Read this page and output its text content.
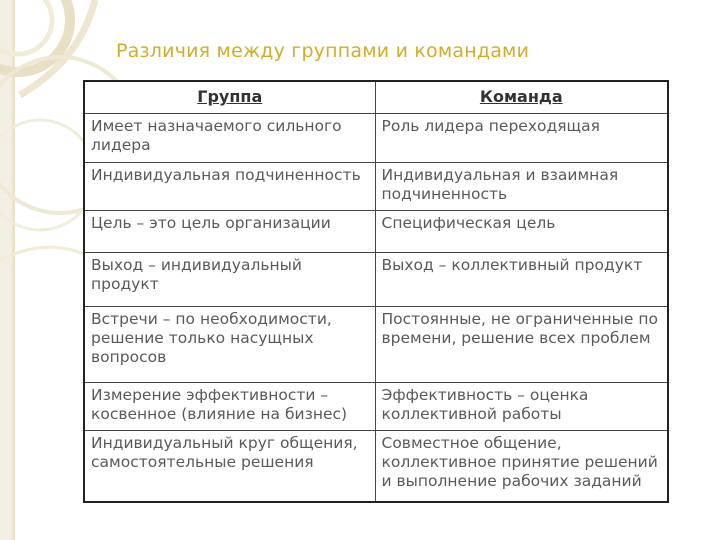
Различия между группами и командами
Группа	Команда
Имеет назначаемого сильного лидера	Роль лидера переходящая
Индивидуальная подчиненность	Индивидуальная и взаимная подчиненность
Цель – это цель организации	Специфическая цель
Выход – индивидуальный продукт	Выход – коллективный продукт
Встречи – по необходимости, решение только насущных вопросов	Постоянные, не ограниченные по времени, решение всех проблем
Измерение эффективности – косвенное (влияние на бизнес)	Эффективность – оценка коллективной работы
Индивидуальный круг общения, самостоятельные решения	Совместное общение, коллективное принятие решений и выполнение рабочих заданий
